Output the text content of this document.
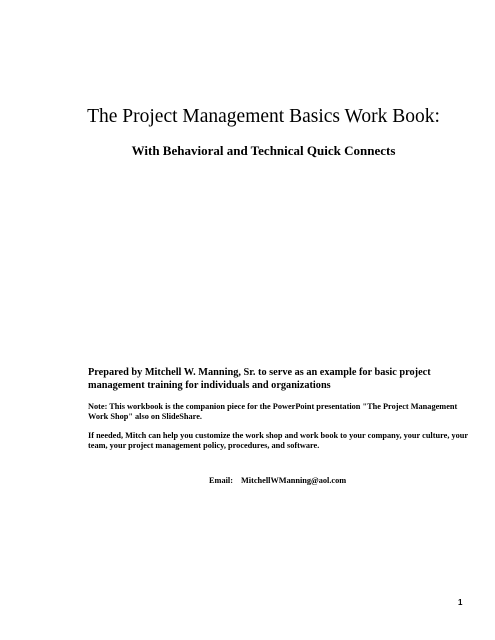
The Project Management Basics Work Book:
With Behavioral and Technical Quick Connects

Prepared by Mitchell W. Manning, Sr. to serve as an example for basic project management training for individuals and organizations

Note: This workbook is the companion piece for the PowerPoint presentation "The Project Management Work Shop" also on SlideShare.

If needed, Mitch can help you customize the work shop and work book to your company, your culture, your team, your project management policy, procedures, and software.

Email: MitchellWManning@aol.com

1
